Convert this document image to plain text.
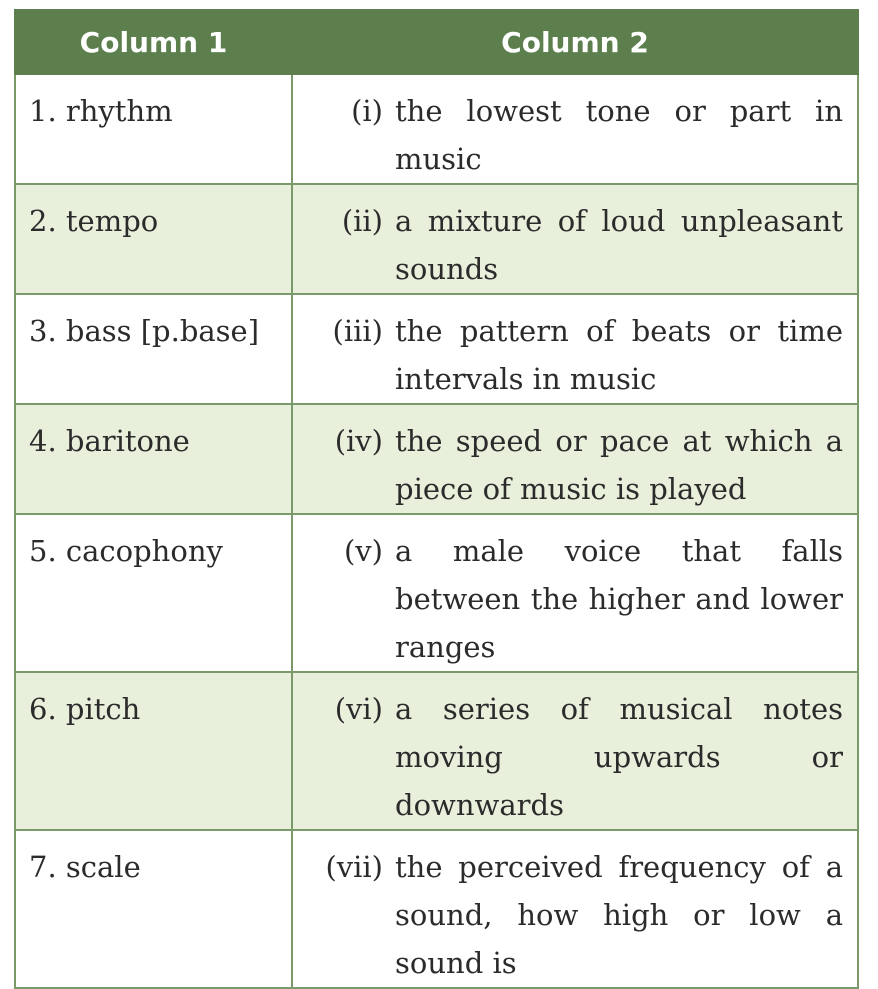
Column 1	Column 2

1. rhythm	(i) the lowest tone or part in music

2. tempo	(ii) a mixture of loud unpleasant sounds

3. bass [p.base]	(iii) the pattern of beats or time intervals in music

4. baritone	(iv) the speed or pace at which a piece of music is played

5. cacophony	(v) a male voice that falls between the higher and lower ranges

6. pitch	(vi) a series of musical notes moving upwards or downwards

7. scale	(vii) the perceived frequency of a sound, how high or low a sound is
